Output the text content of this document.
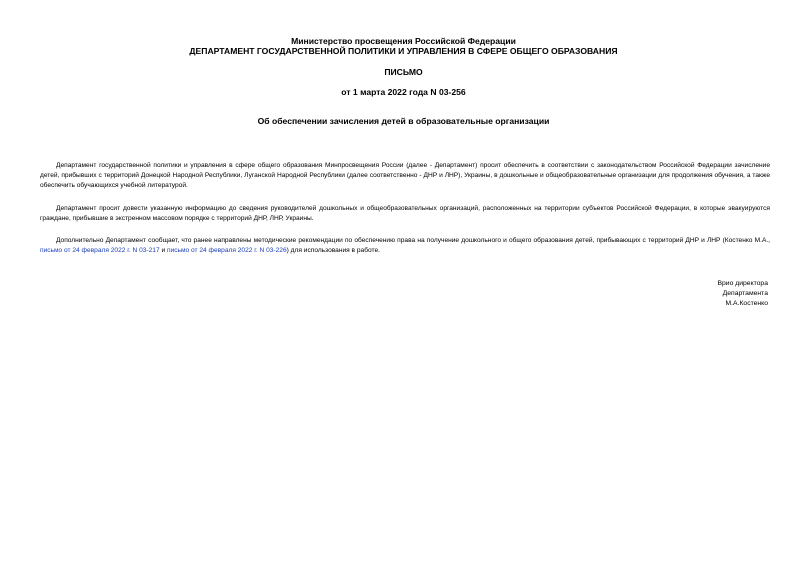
Министерство просвещения Российской Федерации
ДЕПАРТАМЕНТ ГОСУДАРСТВЕННОЙ ПОЛИТИКИ И УПРАВЛЕНИЯ В СФЕРЕ ОБЩЕГО ОБРАЗОВАНИЯ
ПИСЬМО
от 1 марта 2022 года N 03-256
Об обеспечении зачисления детей в образовательные организации

Департамент государственной политики и управления в сфере общего образования Минпросвещения России (далее - Департамент) просит обеспечить в соответствии с законодательством Российской Федерации зачисление детей, прибывших с территорий Донецкой Народной Республики, Луганской Народной Республики (далее соответственно - ДНР и ЛНР), Украины, в дошкольные и общеобразовательные организации для продолжения обучения, а также обеспечить обучающихся учебной литературой.

Департамент просит довести указанную информацию до сведения руководителей дошкольных и общеобразовательных организаций, расположенных на территории субъектов Российской Федерации, в которые эвакуируются граждане, прибывшие в экстренном массовом порядке с территорий ДНР, ЛНР, Украины.

Дополнительно Департамент сообщает, что ранее направлены методические рекомендации по обеспечению права на получение дошкольного и общего образования детей, прибывающих с территорий ДНР и ЛНР (Костенко М.А., письмо от 24 февраля 2022 г. N 03-217 и письмо от 24 февраля 2022 г. N 03-226) для использования в работе.

Врио директора
Департамента
М.А.Костенко
